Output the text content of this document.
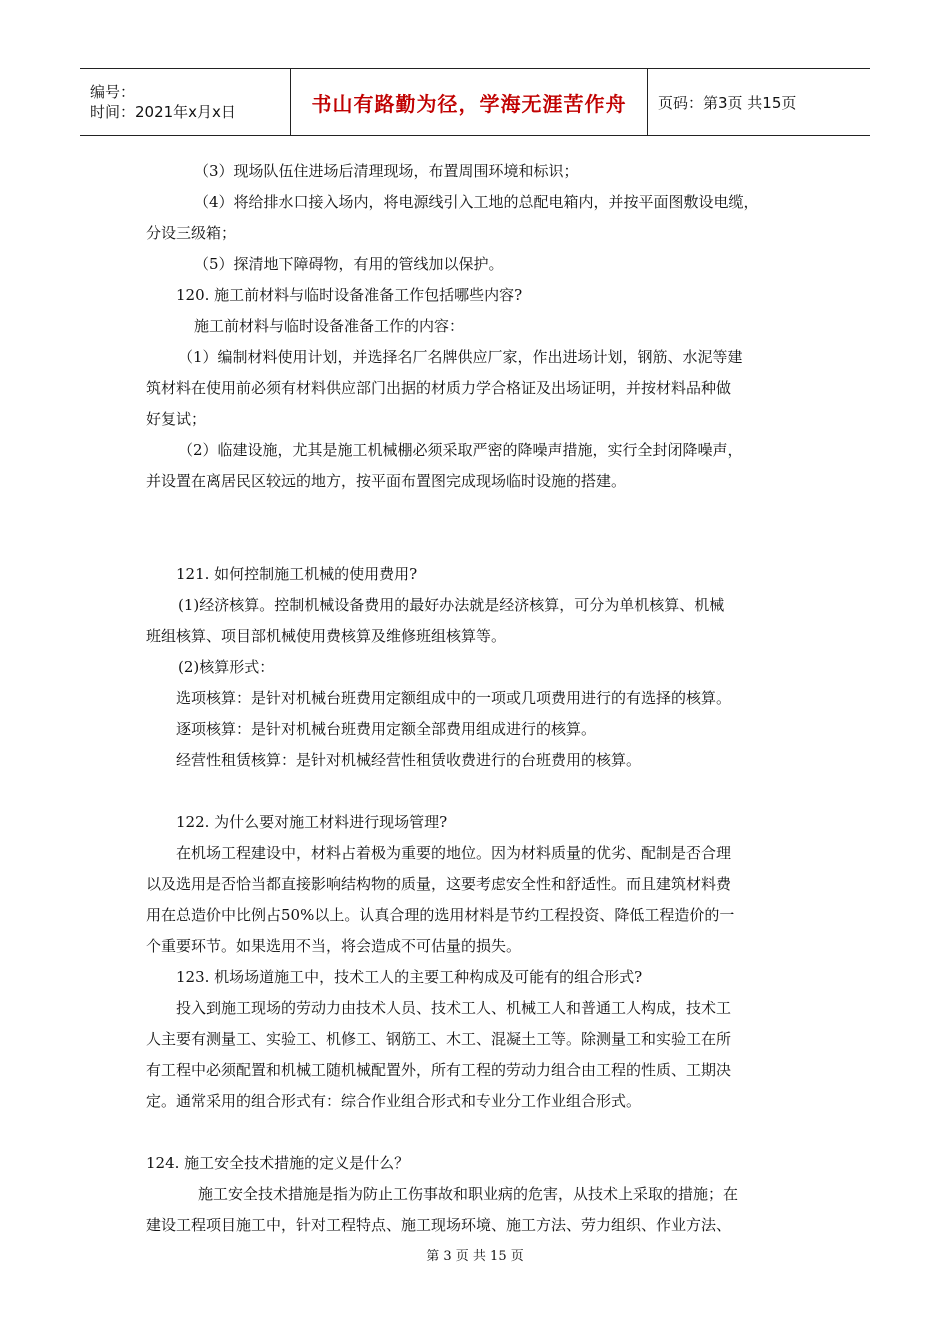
编号：
时间：2021年x月x日	书山有路勤为径，学海无涯苦作舟	页码：第3页 共15页

（3）现场队伍住进场后清理现场，布置周围环境和标识；

（4）将给排水口接入场内，将电源线引入工地的总配电箱内，并按平面图敷设电缆，

分设三级箱；

（5）探清地下障碍物，有用的管线加以保护。

120. 施工前材料与临时设备准备工作包括哪些内容?

施工前材料与临时设备准备工作的内容：

（1）编制材料使用计划，并选择名厂名牌供应厂家，作出进场计划，钢筋、水泥等建

筑材料在使用前必须有材料供应部门出据的材质力学合格证及出场证明，并按材料品种做

好复试；

（2）临建设施，尤其是施工机械棚必须采取严密的降噪声措施，实行全封闭降噪声，

并设置在离居民区较远的地方，按平面布置图完成现场临时设施的搭建。

121. 如何控制施工机械的使用费用?

(1)经济核算。控制机械设备费用的最好办法就是经济核算，可分为单机核算、机械

班组核算、项目部机械使用费核算及维修班组核算等。

(2)核算形式：

选项核算：是针对机械台班费用定额组成中的一项或几项费用进行的有选择的核算。

逐项核算：是针对机械台班费用定额全部费用组成进行的核算。

经营性租赁核算：是针对机械经营性租赁收费进行的台班费用的核算。

122. 为什么要对施工材料进行现场管理?

在机场工程建设中，材料占着极为重要的地位。因为材料质量的优劣、配制是否合理

以及选用是否恰当都直接影响结构物的质量，这要考虑安全性和舒适性。而且建筑材料费

用在总造价中比例占50%以上。认真合理的选用材料是节约工程投资、降低工程造价的一

个重要环节。如果选用不当，将会造成不可估量的损失。

123. 机场场道施工中，技术工人的主要工种构成及可能有的组合形式?

投入到施工现场的劳动力由技术人员、技术工人、机械工人和普通工人构成，技术工

人主要有测量工、实验工、机修工、钢筋工、木工、混凝土工等。除测量工和实验工在所

有工程中必须配置和机械工随机械配置外，所有工程的劳动力组合由工程的性质、工期决

定。通常采用的组合形式有：综合作业组合形式和专业分工作业组合形式。

124. 施工安全技术措施的定义是什么？

施工安全技术措施是指为防止工伤事故和职业病的危害，从技术上采取的措施；在

建设工程项目施工中，针对工程特点、施工现场环境、施工方法、劳力组织、作业方法、

第 3 页 共 15 页
